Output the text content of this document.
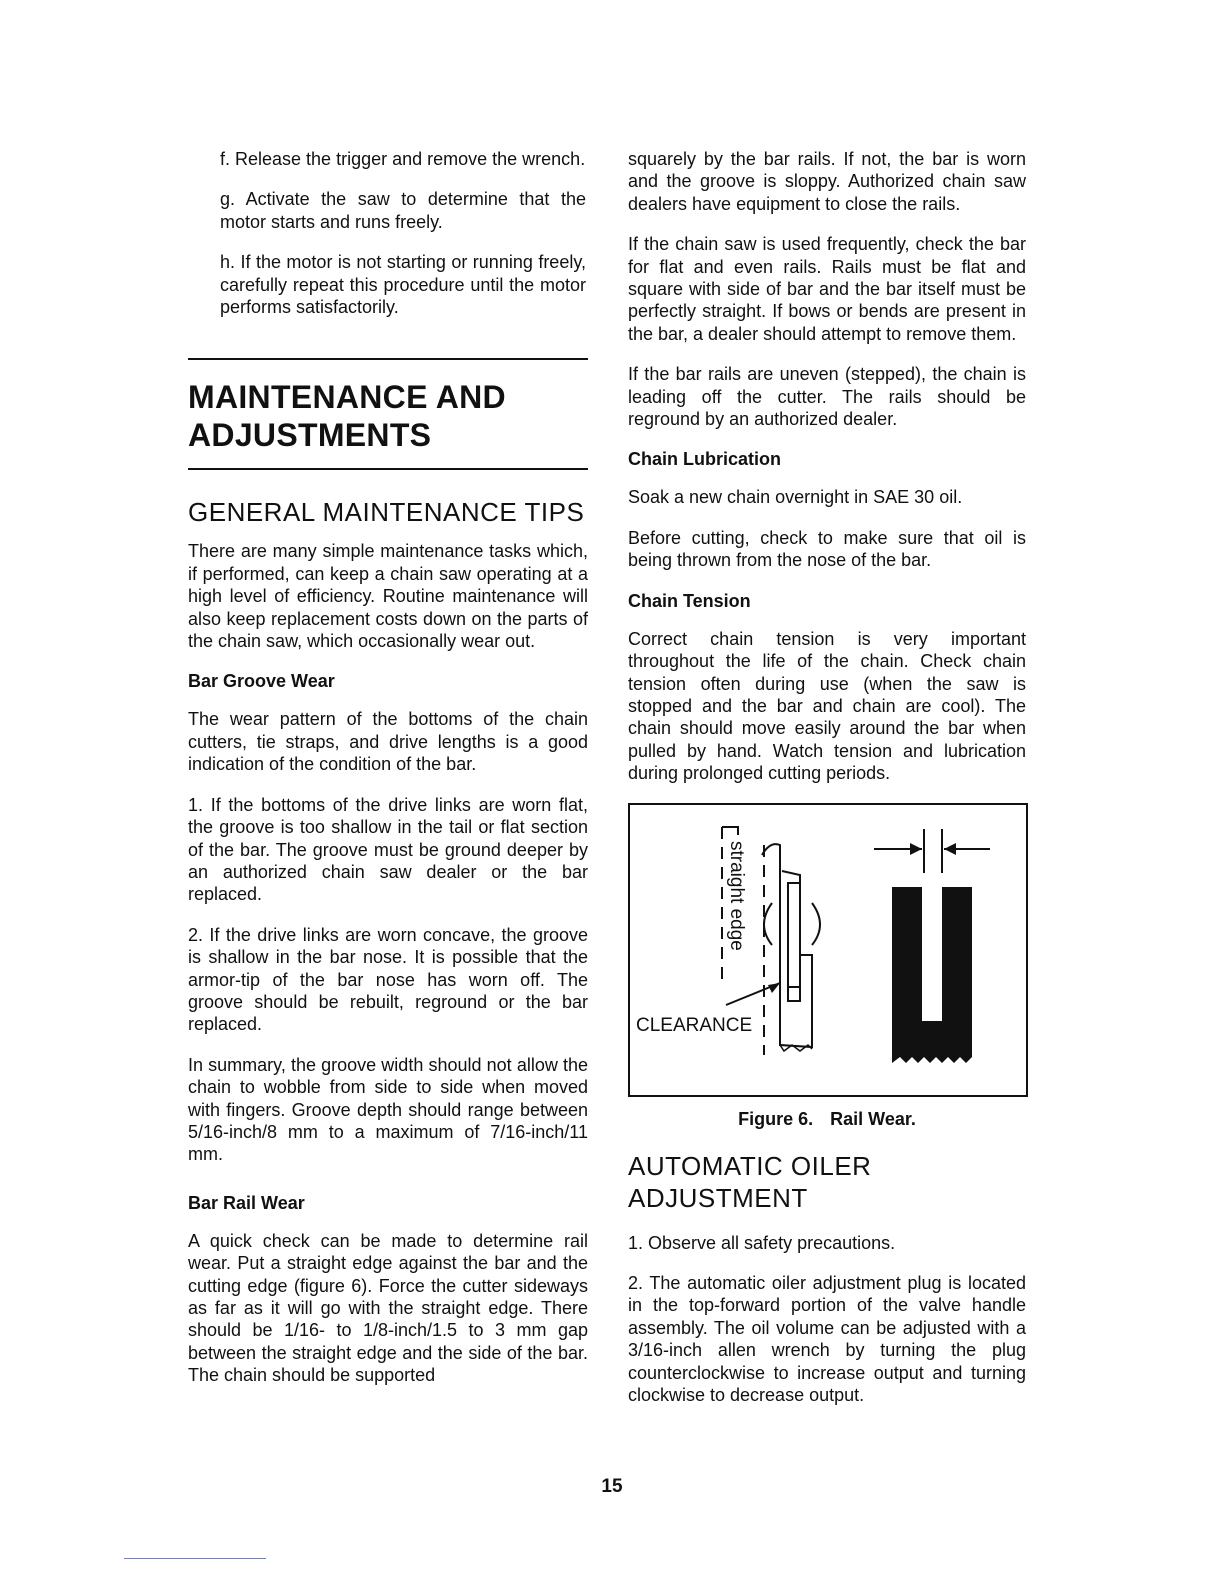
f. Release the trigger and remove the wrench.

g. Activate the saw to determine that the motor starts and runs freely.

h. If the motor is not starting or running freely, carefully repeat this procedure until the motor performs satisfactorily.

MAINTENANCE AND
ADJUSTMENTS
GENERAL MAINTENANCE TIPS

There are many simple maintenance tasks which, if performed, can keep a chain saw operating at a high level of efficiency. Routine maintenance will also keep replacement costs down on the parts of the chain saw, which occasionally wear out.

Bar Groove Wear

The wear pattern of the bottoms of the chain cutters, tie straps, and drive lengths is a good indication of the condition of the bar.

1. If the bottoms of the drive links are worn flat, the groove is too shallow in the tail or flat section of the bar. The groove must be ground deeper by an authorized chain saw dealer or the bar replaced.

2. If the drive links are worn concave, the groove is shallow in the bar nose. It is possible that the armor-tip of the bar nose has worn off. The groove should be rebuilt, reground or the bar replaced.

In summary, the groove width should not allow the chain to wobble from side to side when moved with fingers. Groove depth should range between 5/16-inch/8 mm to a maximum of 7/16-inch/11 mm.

Bar Rail Wear

A quick check can be made to determine rail wear. Put a straight edge against the bar and the cutting edge (figure 6). Force the cutter sideways as far as it will go with the straight edge. There should be 1/16- to 1/8-inch/1.5 to 3 mm gap between the straight edge and the side of the bar. The chain should be supported

squarely by the bar rails. If not, the bar is worn and the groove is sloppy. Authorized chain saw dealers have equipment to close the rails.

If the chain saw is used frequently, check the bar for flat and even rails. Rails must be flat and square with side of bar and the bar itself must be perfectly straight. If bows or bends are present in the bar, a dealer should attempt to remove them.

If the bar rails are uneven (stepped), the chain is leading off the cutter. The rails should be reground by an authorized dealer.

Chain Lubrication

Soak a new chain overnight in SAE 30 oil.

Before cutting, check to make sure that oil is being thrown from the nose of the bar.

Chain Tension

Correct chain tension is very important throughout the life of the chain. Check chain tension often during use (when the saw is stopped and the bar and chain are cool). The chain should move easily around the bar when pulled by hand. Watch tension and lubrication during prolonged cutting periods.

straight edge
CLEARANCE
Figure 6. Rail Wear.
AUTOMATIC OILER
ADJUSTMENT

1. Observe all safety precautions.

2. The automatic oiler adjustment plug is located in the top-forward portion of the valve handle assembly. The oil volume can be adjusted with a 3/16-inch allen wrench by turning the plug counterclockwise to increase output and turning clockwise to decrease output.

15
